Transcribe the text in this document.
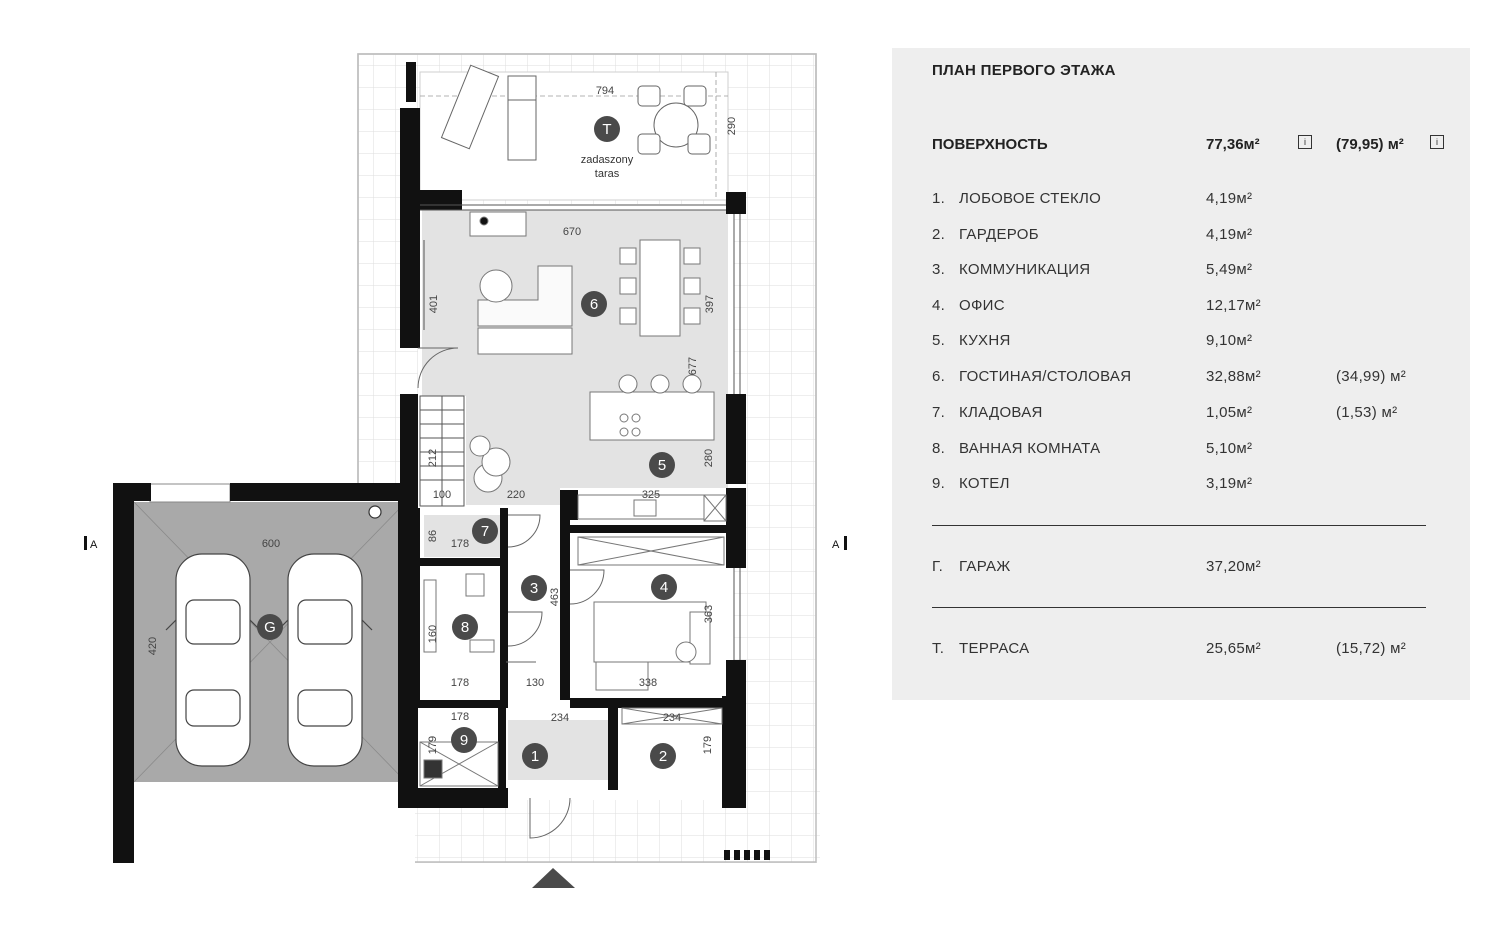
A	A
zadaszony
taras
T
6
5
7
3	4
8
G
9
1	2
794
290
670
401	397
677
280
212
100	220	325
86
178
600
463
363
420
160
178	130	338
178	234	234
179	179
ПЛАН ПЕРВОГО ЭТАЖА
ПОВЕРХНОСТЬ	77,36м²	i	(79,95) м²	i
1. ЛОБОВОЕ СТЕКЛО	4,19м²
2. ГАРДЕРОБ	4,19м²
3. КОММУНИКАЦИЯ	5,49м²
4. ОФИС	12,17м²
5. КУХНЯ	9,10м²
6. ГОСТИНАЯ/СТОЛОВАЯ	32,88м²	(34,99) м²
7. КЛАДОВАЯ	1,05м²	(1,53) м²
8. ВАННАЯ КОМНАТА	5,10м²
9. КОТЕЛ	3,19м²
Г. ГАРАЖ	37,20м²
Т. ТЕРРАСА	25,65м²	(15,72) м²
